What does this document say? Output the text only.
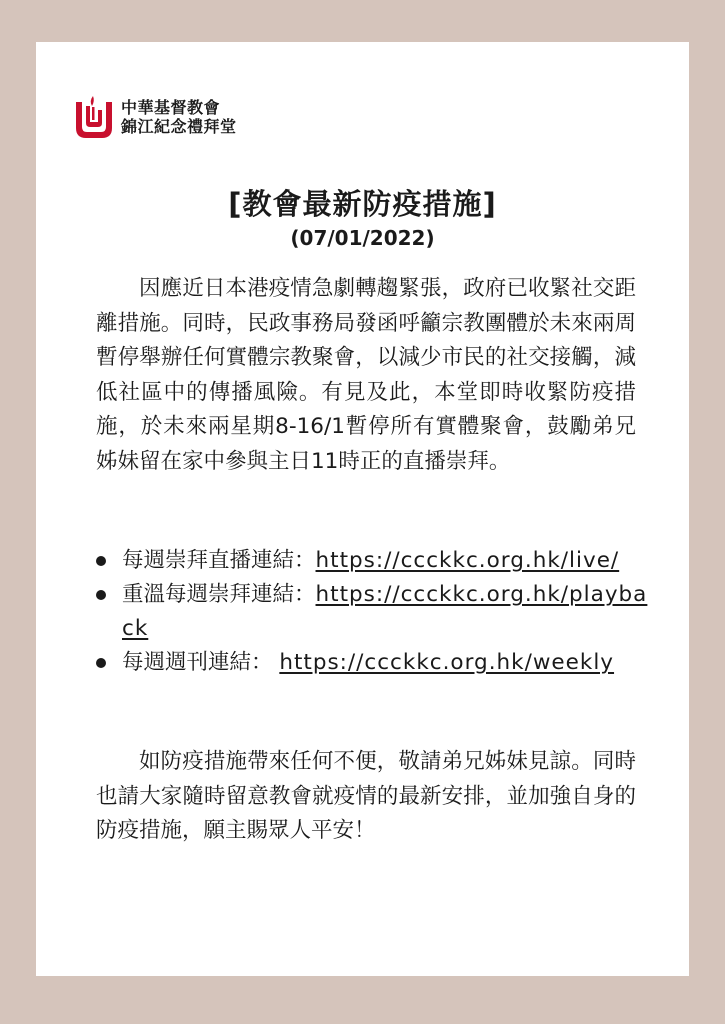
中華基督教會
錦江紀念禮拜堂
[教會最新防疫措施]
(07/01/2022)

因應近日本港疫情急劇轉趨緊張，政府已收緊社交距離措施。同時，民政事務局發函呼籲宗教團體於未來兩周暫停舉辦任何實體宗教聚會，以減少市民的社交接觸，減低社區中的傳播風險。有見及此，本堂即時收緊防疫措施，於未來兩星期8-16/1暫停所有實體聚會，鼓勵弟兄姊妹留在家中參與主日11時正的直播崇拜。

每週崇拜直播連結：https://ccckkc.org.hk/live/
重溫每週崇拜連結：https://ccckkc.org.hk/playback
每週週刊連結： https://ccckkc.org.hk/weekly

如防疫措施帶來任何不便，敬請弟兄姊妹見諒。同時也請大家隨時留意教會就疫情的最新安排，並加強自身的防疫措施，願主賜眾人平安！
